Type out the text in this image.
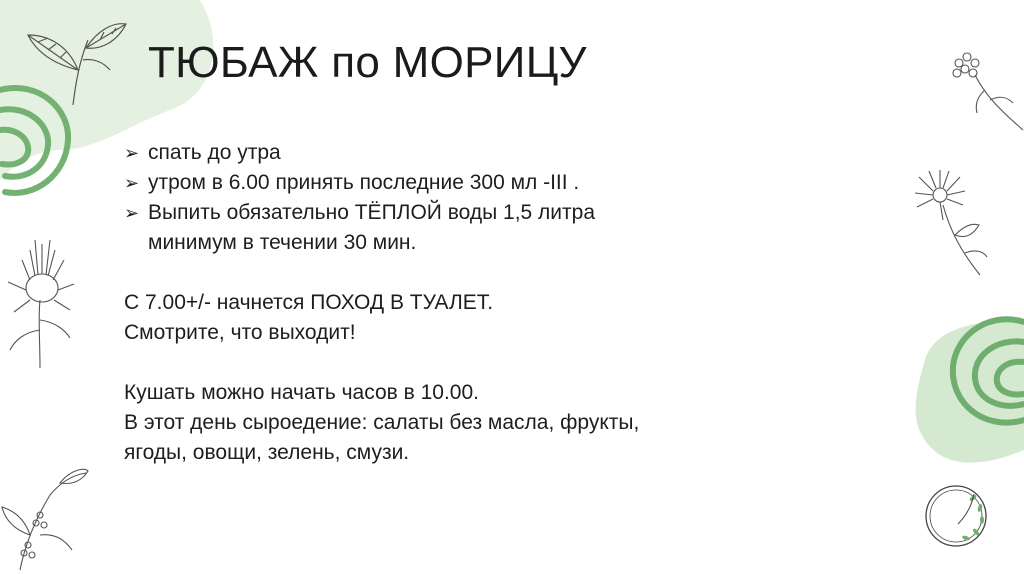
ТЮБАЖ по МОРИЦУ
➢ спать до утра
➢ утром в 6.00 принять последние 300 мл -III .
➢ Выпить обязательно ТЁПЛОЙ воды 1,5 литра минимум в течении 30 мин.
С 7.00+/- начнется ПОХОД В ТУАЛЕТ.
Смотрите, что выходит!
Кушать можно начать часов в 10.00.
В этот день сыроедение: салаты без масла, фрукты,
ягоды, овощи, зелень, смузи.
